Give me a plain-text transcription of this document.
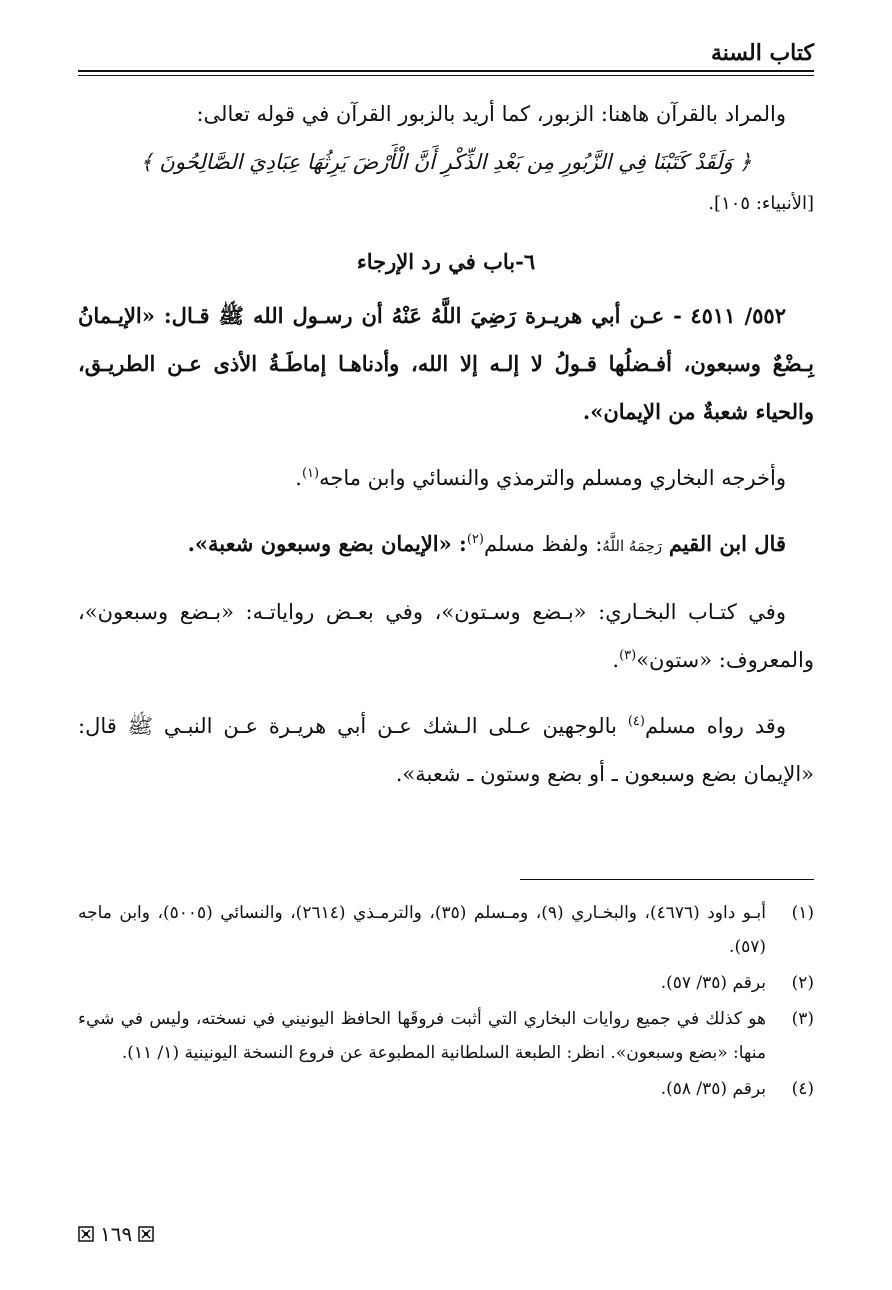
كتاب السنة

والمراد بالقرآن هاهنا: الزبور، كما أريد بالزبور القرآن في قوله تعالى:

﴿ وَلَقَدْ كَتَبْنَا فِي الزَّبُورِ مِن بَعْدِ الذِّكْرِ أَنَّ الْأَرْضَ يَرِثُهَا عِبَادِيَ الصَّالِحُونَ ﴾

[الأنبياء: ١٠٥].

٦-باب في رد الإرجاء

٥٥٢/ ٤٥١١ - عـن أبي هريـرة رَضِيَ اللَّهُ عَنْهُ أن رسـول الله ﷺ قـال: «الإيـمانُ بِـضْعٌ وسبعون، أفـضلُها قـولُ لا إلـه إلا الله، وأدناهـا إماطَـةُ الأذى عـن الطريـق، والحياء شعبةٌ من الإيمان».

وأخرجه البخاري ومسلم والترمذي والنسائي وابن ماجه$^{(١)}$.

قال ابن القيم رَحِمَهُ اللَّهُ: ولفظ مسلم$^{(٢)}$: «الإيمان بضع وسبعون شعبة».

وفي كتـاب البخـاري: «بـضع وسـتون»، وفي بعـض رواياتـه: «بـضع وسبعون»، والمعروف: «ستون»$^{(٣)}$.

وقد رواه مسلم$^{(٤)}$ بالوجهين عـلى الـشك عـن أبي هريـرة عـن النبـي ﷺ قال: «الإيمان بضع وسبعون ـ أو بضع وستون ـ شعبة».

(١)
أبـو داود (٤٦٧٦)، والبخـاري (٩)، ومـسلم (٣٥)، والترمـذي (٢٦١٤)، والنسائي (٥٠٠٥)، وابن ماجه (٥٧).
(٢)
برقم (٣٥/ ٥٧).
(٣)
هو كذلك في جميع روايات البخاري التي أثبت فروقَها الحافظ اليونيني في نسخته، وليس في شيء منها: «بضع وسبعون». انظر: الطبعة السلطانية المطبوعة عن فروع النسخة اليونينية (١/ ١١).
(٤)
برقم (٣٥/ ٥٨).
١٦٩
